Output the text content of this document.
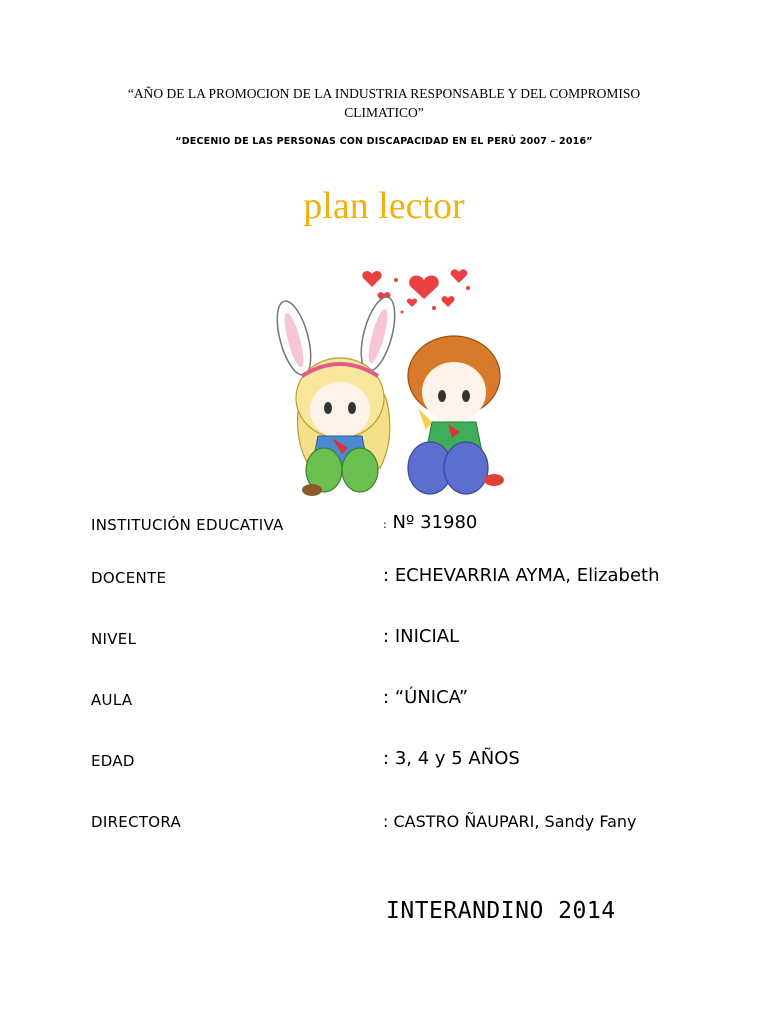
“AÑO DE LA PROMOCION DE LA INDUSTRIA RESPONSABLE Y DEL COMPROMISO CLIMATICO”
“DECENIO DE LAS PERSONAS CON DISCAPACIDAD EN EL PERÚ 2007 – 2016”
plan lector
INSTITUCIÓN EDUCATIVA	: Nº 31980
DOCENTE	: ECHEVARRIA AYMA, Elizabeth
NIVEL	: INICIAL
AULA	: “ÚNICA”
EDAD	: 3, 4 y 5 AÑOS
DIRECTORA	: CASTRO ÑAUPARI, Sandy Fany
INTERANDINO 2014
